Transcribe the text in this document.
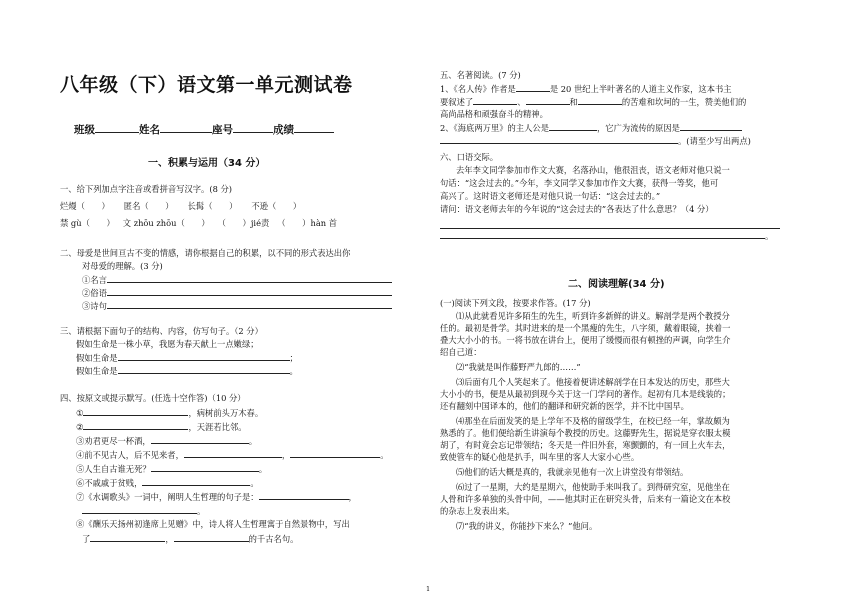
八年级（下）语文第一单元测试卷
班级	姓名	座号	成绩
一、积累与运用（34 分）
一、给下列加点字注音或看拼音写汉字。(8 分)
烂熳（　　） 匿名（　　） 长髯（　　） 不逊（　　）
禁 gù（　　） 文 zhōu zhōu（　　） （　　）jié责 （　　）hàn 首
二、母爱是世间亘古不变的情感，请你根据自己的积累，以不同的形式表达出你
对母爱的理解。(3 分)
①名言
②俗语
③诗句
三、请根据下面句子的结构、内容，仿写句子。（2 分）
假如生命是一株小草，我愿为春天献上一点嫩绿；
假如生命是	；
假如生命是	。
四、按原文或提示默写。(任选十空作答)（10 分）
①	，病树前头万木春。
②	，天涯若比邻。
③劝君更尽一杯酒，	。
④前不见古人，后不见来者，	，	。
⑤人生自古谁无死？	。
⑥不戚戚于贫贱，	。
⑦《水调歌头》一词中，阐明人生哲理的句子是：	，
。
⑧《酬乐天扬州初逢席上见赠》中，诗人将人生哲理寓于自然景物中，写出
了	，	的千古名句。
五、名著阅读。(7 分)
1、《名人传》作者是	是 20 世纪上半叶著名的人道主义作家，这本书主
要叙述了	、	和	的苦难和坎坷的一生，赞美他们的
高尚品格和顽强奋斗的精神。
2、《海底两万里》的主人公是	，它广为流传的原因是
。(请至少写出两点)
六、口语交际。
去年李文同学参加市作文大赛，名落孙山，他很沮丧，语文老师对他只说一
句话：“这会过去的。”今年，李文同学又参加市作文大赛，获得一等奖，他可
高兴了。这时语文老师还是对他只说一句话：“这会过去的。”
请问：语文老师去年的今年说的“这会过去的”各表达了什么意思？（4 分）
。
二、阅读理解(34 分)
(一)阅读下列文段，按要求作答。(17 分)
⑴从此就看见许多陌生的先生，听到许多新鲜的讲义。解剖学是两个教授分
任的。最初是骨学。其时进来的是一个黑瘦的先生，八字须，戴着眼镜，挟着一
叠大大小小的书。一将书放在讲台上，便用了缓慢而很有顿挫的声调，向学生介
绍自己道：
⑵“我就是叫作藤野严九郎的……”
⑶后面有几个人笑起来了。他接着便讲述解剖学在日本发达的历史，那些大
大小小的书，便是从最初到现今关于这一门学问的著作。起初有几本是线装的；
还有翻刻中国译本的，他们的翻译和研究新的医学，并不比中国早。
⑷那坐在后面发笑的是上学年不及格的留级学生，在校已经一年，掌故颇为
熟悉的了。他们便给新生讲演每个教授的历史。这藤野先生，据说是穿衣服太模
胡了，有时竟会忘记带领结；冬天是一件旧外套，寒颤颤的，有一回上火车去，
致使管车的疑心他是扒手，叫车里的客人大家小心些。
⑸他们的话大概是真的，我就亲见他有一次上讲堂没有带领结。
⑹过了一星期，大约是星期六，他使助手来叫我了。到得研究室，见他坐在
人骨和许多单独的头骨中间，——他其时正在研究头骨，后来有一篇论文在本校
的杂志上发表出来。
⑺“我的讲义，你能抄下来么？”他问。
1
